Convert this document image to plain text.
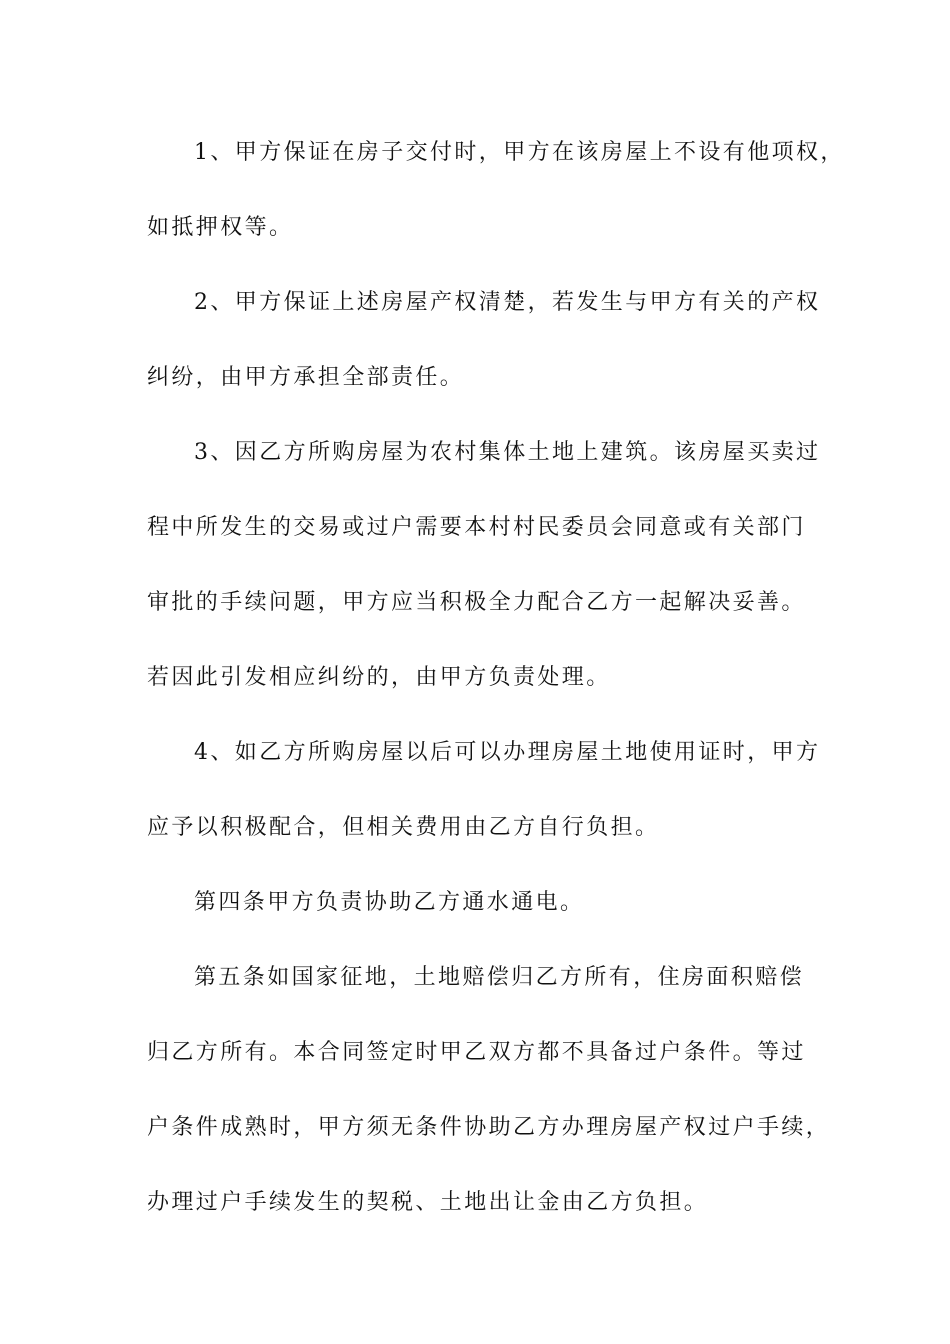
1、甲方保证在房子交付时，甲方在该房屋上不设有他项权，

如抵押权等。

2、甲方保证上述房屋产权清楚，若发生与甲方有关的产权

纠纷，由甲方承担全部责任。

3、因乙方所购房屋为农村集体土地上建筑。该房屋买卖过

程中所发生的交易或过户需要本村村民委员会同意或有关部门

审批的手续问题，甲方应当积极全力配合乙方一起解决妥善。

若因此引发相应纠纷的，由甲方负责处理。

4、如乙方所购房屋以后可以办理房屋土地使用证时，甲方

应予以积极配合，但相关费用由乙方自行负担。

第四条甲方负责协助乙方通水通电。

第五条如国家征地，土地赔偿归乙方所有，住房面积赔偿

归乙方所有。本合同签定时甲乙双方都不具备过户条件。等过

户条件成熟时，甲方须无条件协助乙方办理房屋产权过户手续，

办理过户手续发生的契税、土地出让金由乙方负担。
